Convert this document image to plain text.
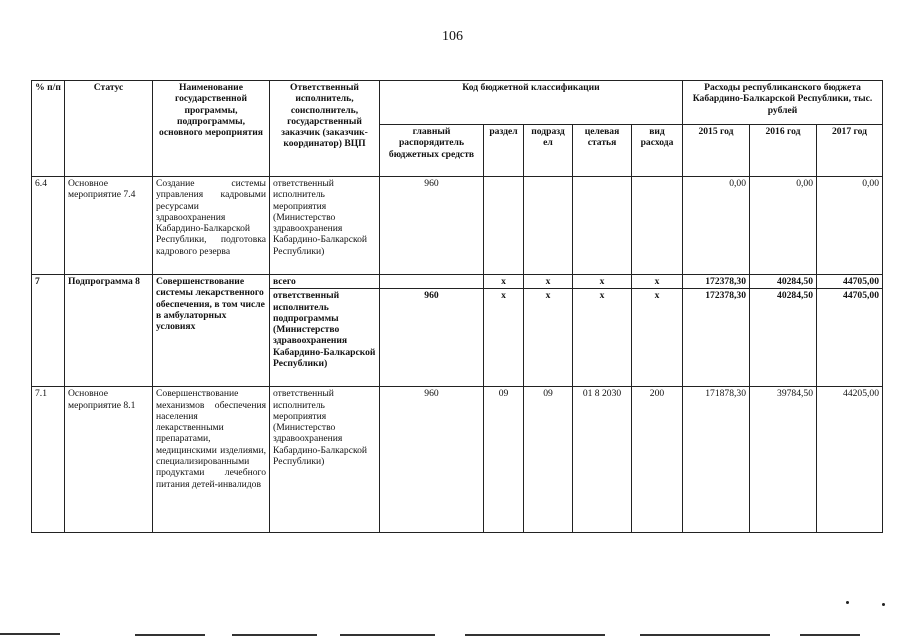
106
% п/п	Статус	Наименование государственной программы, подпрограммы, основного мероприятия	Ответственный исполнитель, соисполнитель, государственный заказчик (заказчик-координатор) ВЦП	Код бюджетной классификации					Расходы республиканского бюджета Кабардино-Балкарской Республики, тыс. рублей		
				главный распорядитель бюджетных средств	раздел	подразд ел	целевая статья	вид расхода	2015 год	2016 год	2017 год
6.4	Основное мероприятие 7.4	Создание системы управления кадровыми ресурсами здравоохранения Кабардино-Балкарской Республики, подготовка кадрового резерва	ответственный исполнитель мероприятия (Министерство здравоохранения Кабардино-Балкарской Республики)	960					0,00	0,00	0,00
7	Подпрограмма 8	Совершенствование системы лекарственного обеспечения, в том числе в амбулаторных условиях	всего		х	х	х	х	172378,30	40284,50	44705,00
			ответственный исполнитель подпрограммы (Министерство здравоохранения Кабардино-Балкарской Республики)	960	х	х	х	х	172378,30	40284,50	44705,00
7.1	Основное мероприятие 8.1	Совершенствование механизмов обеспечения населения лекарственными препаратами, медицинскими изделиями, специализированными продуктами лечебного питания детей-инвалидов	ответственный исполнитель мероприятия (Министерство здравоохранения Кабардино-Балкарской Республики)	960	09	09	01 8 2030	200	171878,30	39784,50	44205,00
